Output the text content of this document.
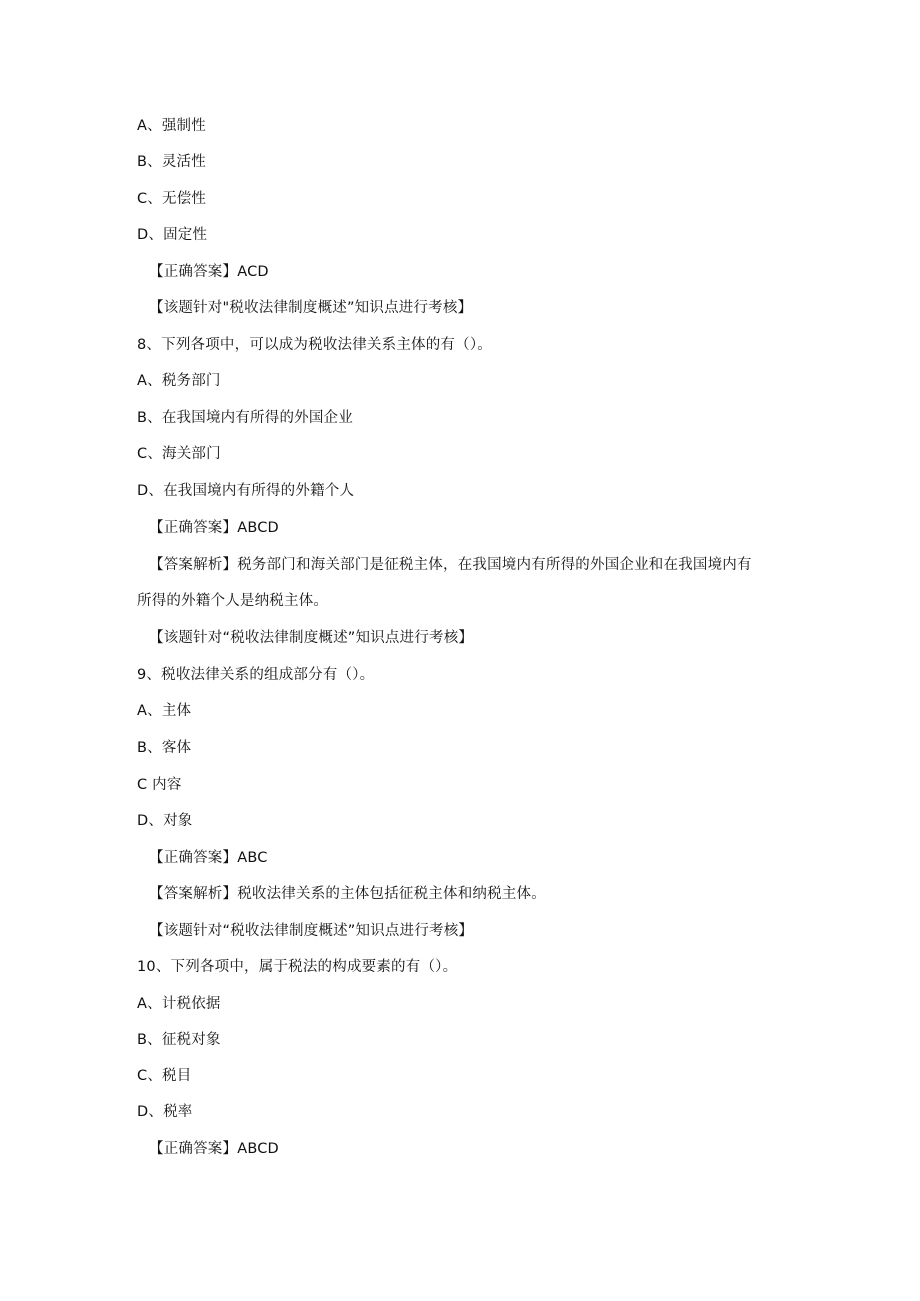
A、强制性
B、灵活性
C、无偿性
D、固定性
【正确答案】ACD
【该题针对"税收法律制度概述”知识点进行考核】
8、下列各项中，可以成为税收法律关系主体的有（）。
A、税务部门
B、在我国境内有所得的外国企业
C、海关部门
D、在我国境内有所得的外籍个人
【正确答案】ABCD
【答案解析】税务部门和海关部门是征税主体，在我国境内有所得的外国企业和在我国境内有
所得的外籍个人是纳税主体。
【该题针对“税收法律制度概述”知识点进行考核】
9、税收法律关系的组成部分有（）。
A、主体
B、客体
C 内容
D、对象
【正确答案】ABC
【答案解析】税收法律关系的主体包括征税主体和纳税主体。
【该题针对“税收法律制度概述”知识点进行考核】
10、下列各项中，属于税法的构成要素的有（）。
A、计税依据
B、征税对象
C、税目
D、税率
【正确答案】ABCD
